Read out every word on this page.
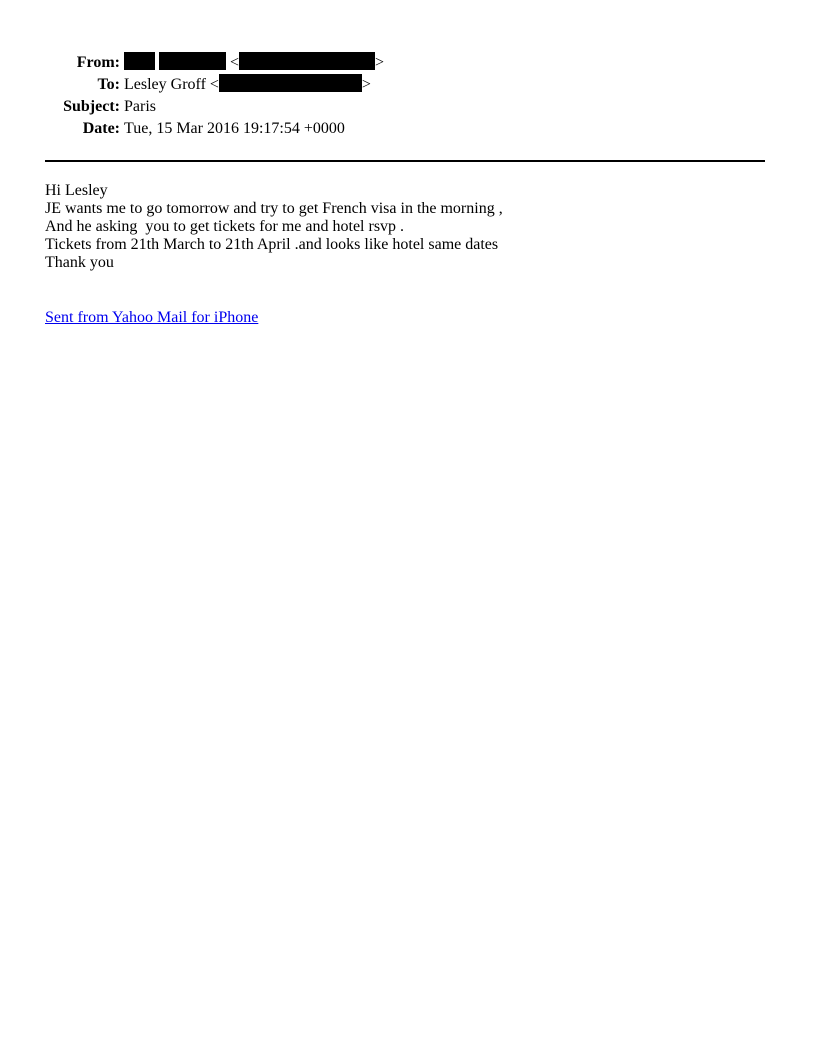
From:	<	>
To: Lesley Groff <	>
Subject: Paris
Date: Tue, 15 Mar 2016 19:17:54 +0000
Hi Lesley
JE wants me to go tomorrow and try to get French visa in the morning ,
And he asking  you to get tickets for me and hotel rsvp .
Tickets from 21th March to 21th April .and looks like hotel same dates
Thank you
Sent from Yahoo Mail for iPhone
